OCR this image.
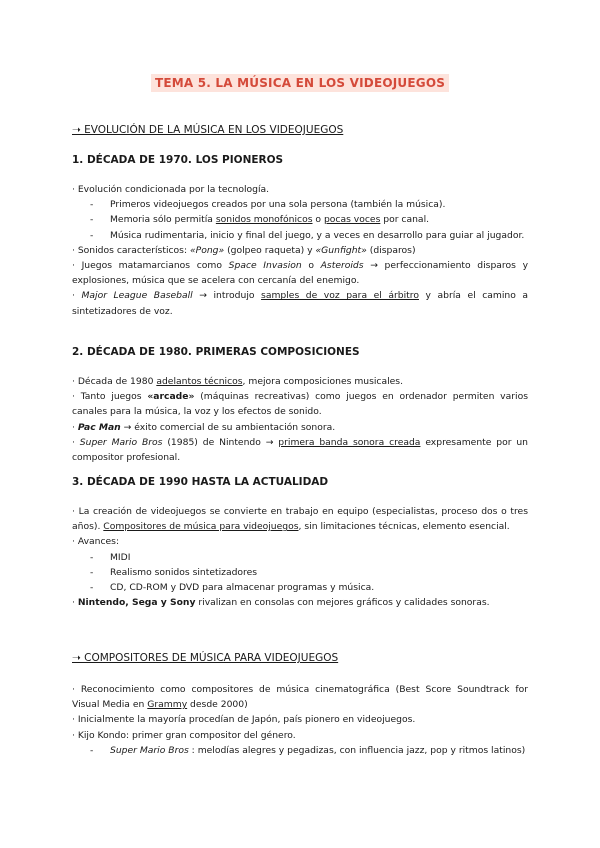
TEMA 5. LA MÚSICA EN LOS VIDEOJUEGOS
➝ EVOLUCIÓN DE LA MÚSICA EN LOS VIDEOJUEGOS
1. DÉCADA DE 1970. LOS PIONEROS

· Evolución condicionada por la tecnología.

-	Primeros videojuegos creados por una sola persona (también la música).
-	Memoria sólo permitía sonidos monofónicos o pocas voces por canal.
-	Música rudimentaria, inicio y final del juego, y a veces en desarrollo para guiar al jugador.

· Sonidos característicos: «Pong» (golpeo raqueta) y «Gunfight» (disparos)

· Juegos matamarcianos como Space Invasion o Asteroids → perfeccionamiento disparos y explosiones, música que se acelera con cercanía del enemigo.

· Major League Baseball → introdujo samples de voz para el árbitro y abría el camino a sintetizadores de voz.

2. DÉCADA DE 1980. PRIMERAS COMPOSICIONES

· Década de 1980 adelantos técnicos, mejora composiciones musicales.

· Tanto juegos «arcade» (máquinas recreativas) como juegos en ordenador permiten varios canales para la música, la voz y los efectos de sonido.

· Pac Man → éxito comercial de su ambientación sonora.

· Super Mario Bros (1985) de Nintendo → primera banda sonora creada expresamente por un compositor profesional.

3. DÉCADA DE 1990 HASTA LA ACTUALIDAD

· La creación de videojuegos se convierte en trabajo en equipo (especialistas, proceso dos o tres años). Compositores de música para videojuegos, sin limitaciones técnicas, elemento esencial.

· Avances:

-	MIDI
-	Realismo sonidos sintetizadores
-	CD, CD-ROM y DVD para almacenar programas y música.

· Nintendo, Sega y Sony rivalizan en consolas con mejores gráficos y calidades sonoras.

➝ COMPOSITORES DE MÚSICA PARA VIDEOJUEGOS

· Reconocimiento como compositores de música cinematográfica (Best Score Soundtrack for Visual Media en Grammy desde 2000)

· Inicialmente la mayoría procedían de Japón, país pionero en videojuegos.

· Kijo Kondo: primer gran compositor del género.

-	Super Mario Bros : melodías alegres y pegadizas, con influencia jazz, pop y ritmos latinos)
